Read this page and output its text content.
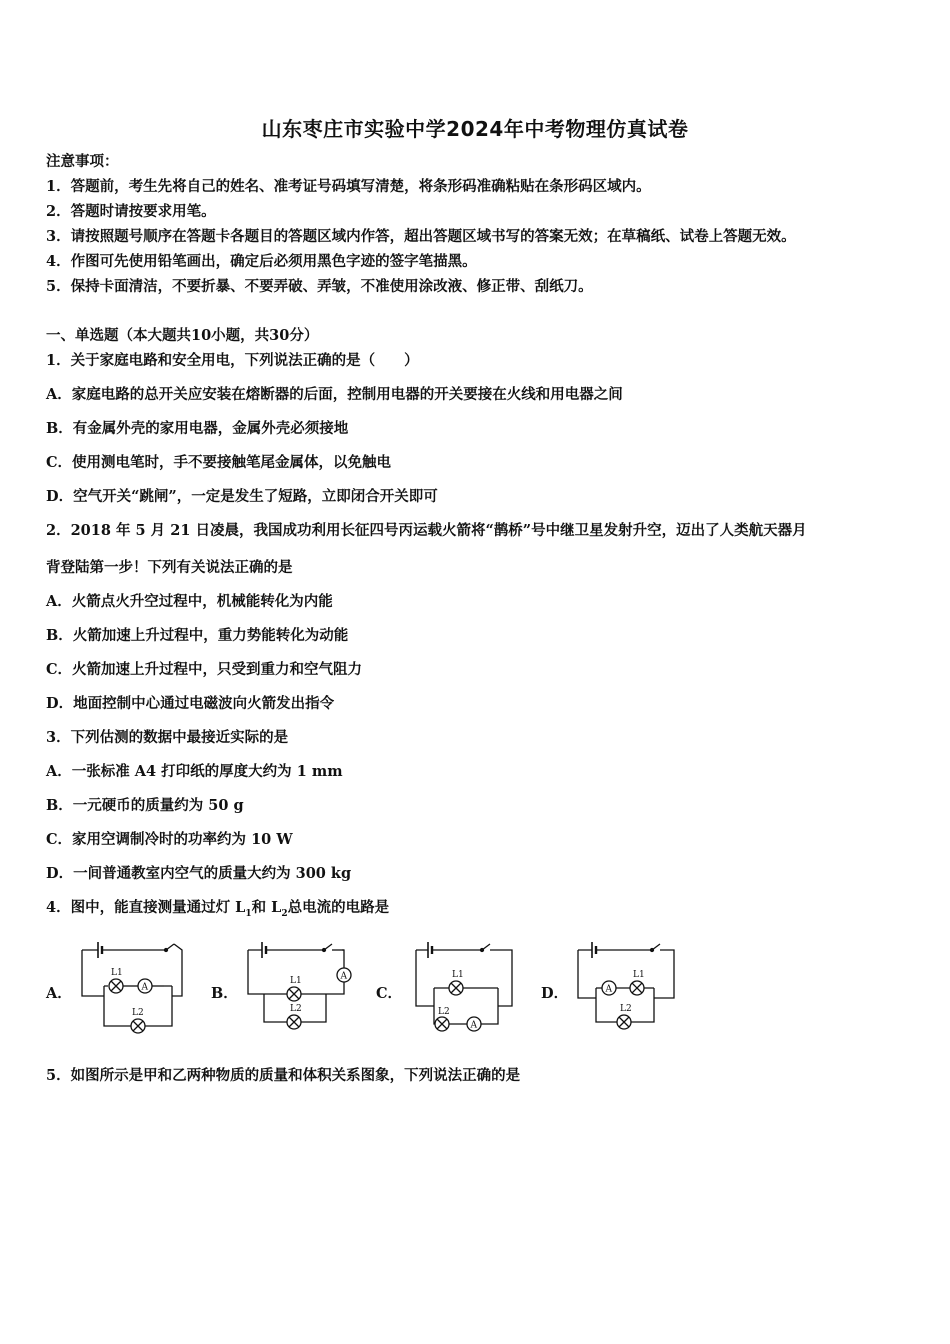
山东枣庄市实验中学2024年中考物理仿真试卷
注意事项：
1．答题前，考生先将自己的姓名、准考证号码填写清楚，将条形码准确粘贴在条形码区域内。
2．答题时请按要求用笔。
3．请按照题号顺序在答题卡各题目的答题区域内作答，超出答题区域书写的答案无效；在草稿纸、试卷上答题无效。
4．作图可先使用铅笔画出，确定后必须用黑色字迹的签字笔描黑。
5．保持卡面清洁，不要折暴、不要弄破、弄皱，不准使用涂改液、修正带、刮纸刀。
一、单选题（本大题共10小题，共30分）
1．关于家庭电路和安全用电，下列说法正确的是（　　）
A．家庭电路的总开关应安装在熔断器的后面，控制用电器的开关要接在火线和用电器之间
B．有金属外壳的家用电器，金属外壳必须接地
C．使用测电笔时，手不要接触笔尾金属体，以免触电
D．空气开关“跳闸”，一定是发生了短路，立即闭合开关即可
2．2018 年 5 月 21 日凌晨，我国成功利用长征四号丙运载火箭将“鹊桥”号中继卫星发射升空，迈出了人类航天器月
背登陆第一步！下列有关说法正确的是
A．火箭点火升空过程中，机械能转化为内能
B．火箭加速上升过程中，重力势能转化为动能
C．火箭加速上升过程中，只受到重力和空气阻力
D．地面控制中心通过电磁波向火箭发出指令
3．下列估测的数据中最接近实际的是
A．一张标准 A4 打印纸的厚度大约为 1 mm
B．一元硬币的质量约为 50 g
C．家用空调制冷时的功率约为 10 W
D．一间普通教室内空气的质量大约为 300 kg
4．图中，能直接测量通过灯 $L_1$和 $L_2$总电流的电路是
A．
L1
A
L2
B．
A
L1
L2
C．
L1
L2
A
D．	A
L1
L2
5．如图所示是甲和乙两种物质的质量和体积关系图象，下列说法正确的是
